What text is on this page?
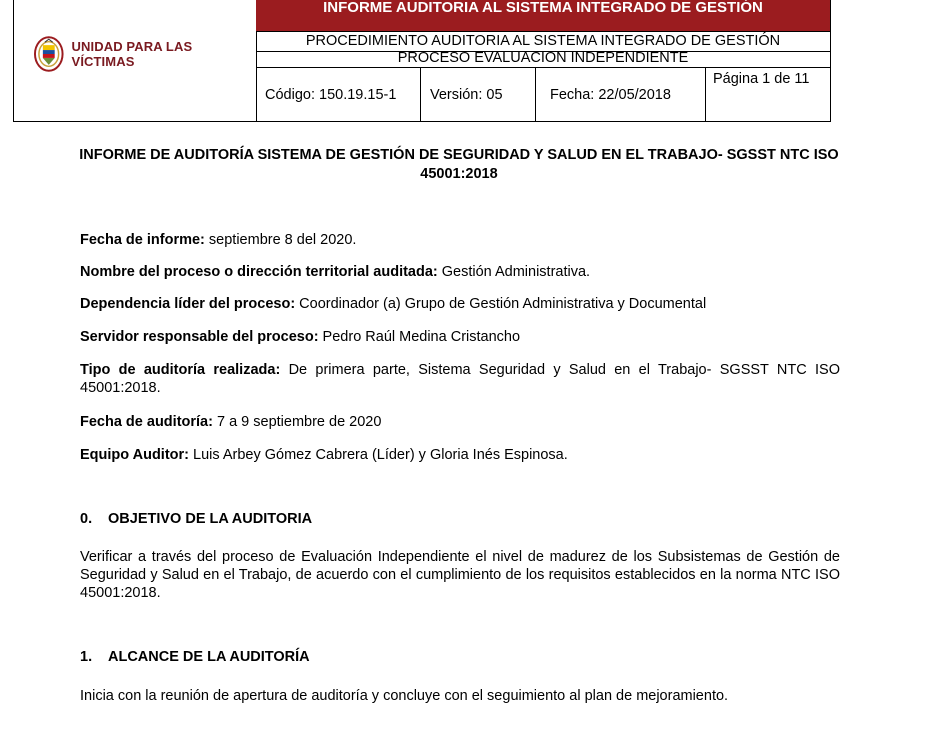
UNIDAD PARA LAS VÍCTIMAS
INFORME AUDITORIA AL SISTEMA INTEGRADO DE GESTIÓN
PROCEDIMIENTO AUDITORIA AL SISTEMA INTEGRADO DE GESTIÓN
PROCESO EVALUACIÒN INDEPENDIENTE
Código: 150.19.15-1 Versión: 05	Fecha: 22/05/2018
Página 1 de 11
INFORME DE AUDITORÍA SISTEMA DE GESTIÓN DE SEGURIDAD Y SALUD EN EL TRABAJO- SGSST NTC ISO 45001:2018
Fecha de informe: septiembre 8 del 2020.
Nombre del proceso o dirección territorial auditada: Gestión Administrativa.
Dependencia líder del proceso: Coordinador (a) Grupo de Gestión Administrativa y Documental
Servidor responsable del proceso: Pedro Raúl Medina Cristancho
Tipo de auditoría realizada: De primera parte, Sistema Seguridad y Salud en el Trabajo- SGSST NTC ISO 45001:2018.
Fecha de auditoría: 7 a 9 septiembre de 2020
Equipo Auditor: Luis Arbey Gómez Cabrera (Líder) y Gloria Inés Espinosa.
0. OBJETIVO DE LA AUDITORIA
Verificar a través del proceso de Evaluación Independiente el nivel de madurez de los Subsistemas de Gestión de Seguridad y Salud en el Trabajo, de acuerdo con el cumplimiento de los requisitos establecidos en la norma NTC ISO 45001:2018.
1. ALCANCE DE LA AUDITORÍA
Inicia con la reunión de apertura de auditoría y concluye con el seguimiento al plan de mejoramiento.
